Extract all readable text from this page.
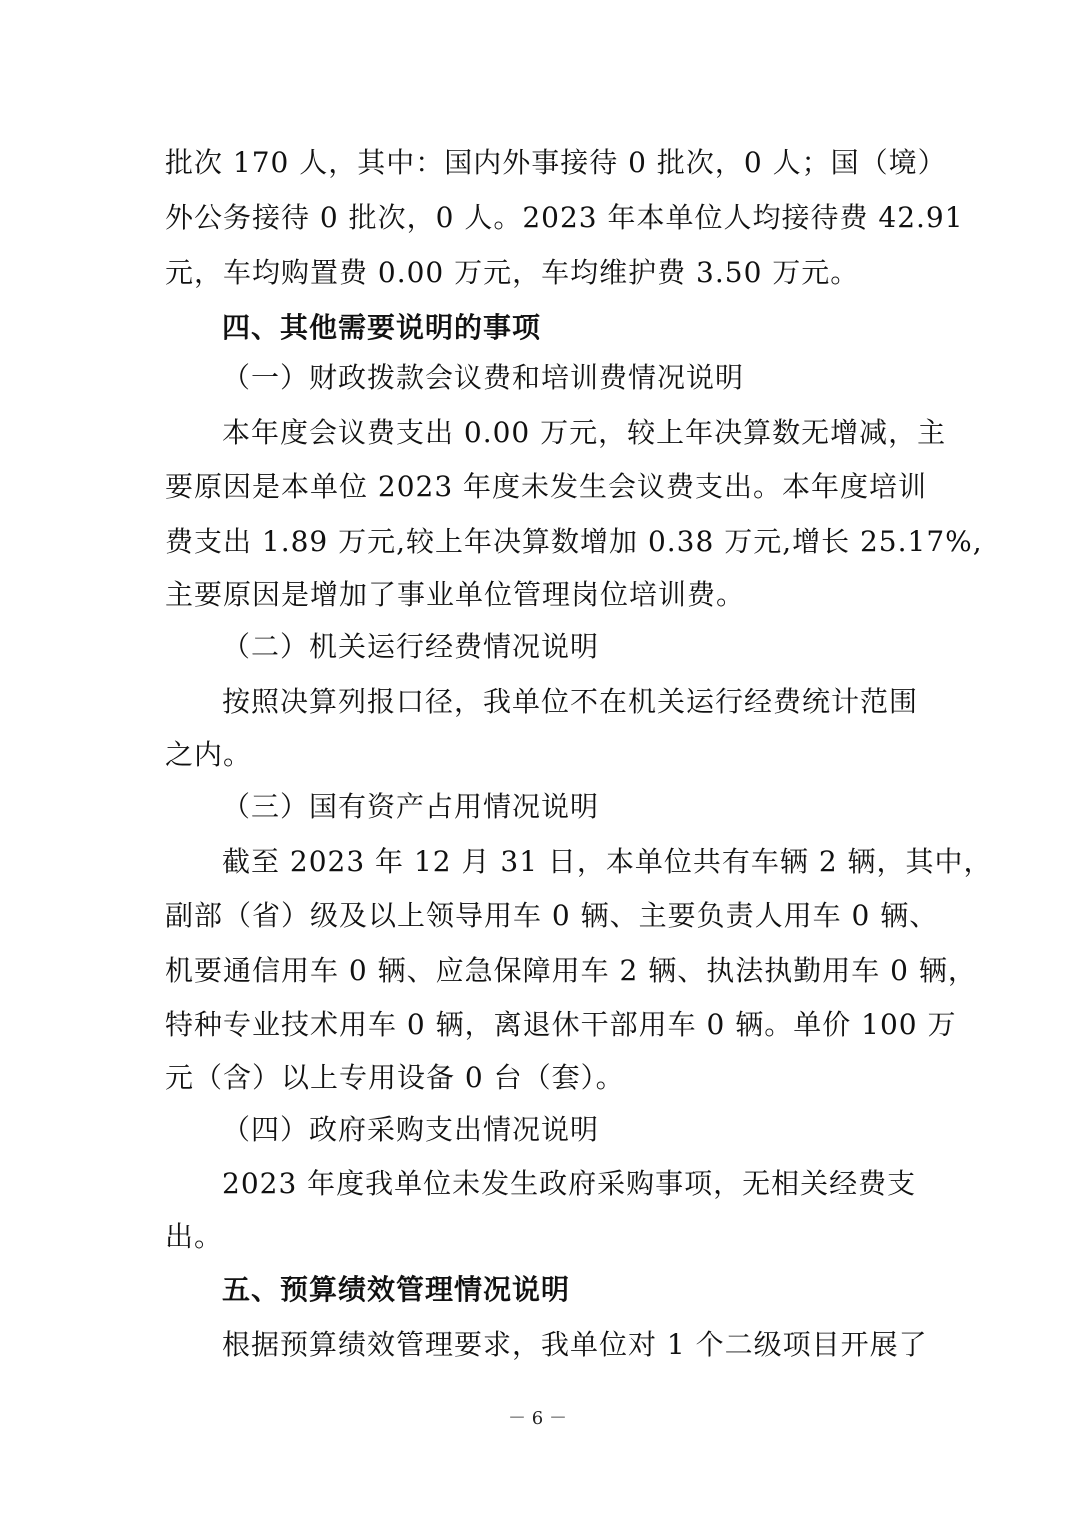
批次 170 人，其中：国内外事接待 0 批次，0 人；国（境）
外公务接待 0 批次，0 人。2023 年本单位人均接待费 42.91
元，车均购置费 0.00 万元，车均维护费 3.50 万元。
四、其他需要说明的事项
（一）财政拨款会议费和培训费情况说明
本年度会议费支出 0.00 万元，较上年决算数无增减，主
要原因是本单位 2023 年度未发生会议费支出。本年度培训
费支出 1.89 万元,较上年决算数增加 0.38 万元,增长 25.17%,
主要原因是增加了事业单位管理岗位培训费。
（二）机关运行经费情况说明
按照决算列报口径，我单位不在机关运行经费统计范围
之内。
（三）国有资产占用情况说明
截至 2023 年 12 月 31 日，本单位共有车辆 2 辆，其中，
副部（省）级及以上领导用车 0 辆、主要负责人用车 0 辆、
机要通信用车 0 辆、应急保障用车 2 辆、执法执勤用车 0 辆，
特种专业技术用车 0 辆，离退休干部用车 0 辆。单价 100 万
元（含）以上专用设备 0 台（套）。
（四）政府采购支出情况说明
2023 年度我单位未发生政府采购事项，无相关经费支
出。
五、预算绩效管理情况说明
根据预算绩效管理要求，我单位对 1 个二级项目开展了
－ 6 －
